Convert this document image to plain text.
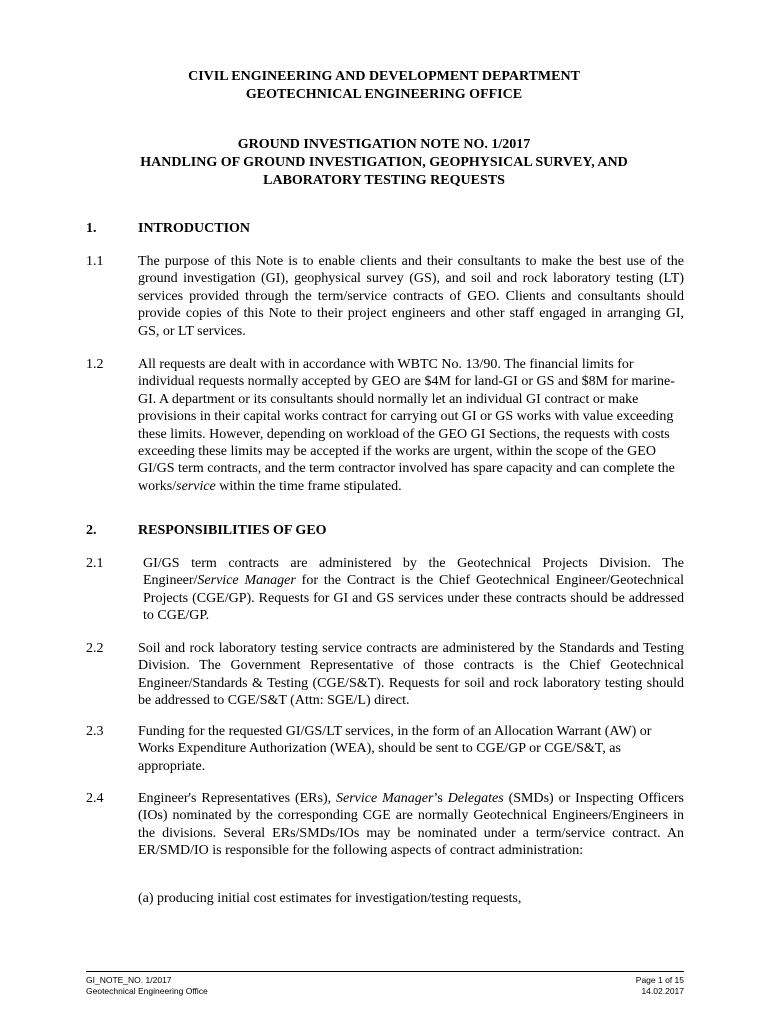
CIVIL ENGINEERING AND DEVELOPMENT DEPARTMENT
GEOTECHNICAL ENGINEERING OFFICE
GROUND INVESTIGATION NOTE NO. 1/2017
HANDLING OF GROUND INVESTIGATION, GEOPHYSICAL SURVEY, AND
LABORATORY TESTING REQUESTS
1.	INTRODUCTION
1.1 The purpose of this Note is to enable clients and their consultants to make the best use of the ground investigation (GI), geophysical survey (GS), and soil and rock laboratory testing (LT) services provided through the term/service contracts of GEO. Clients and consultants should provide copies of this Note to their project engineers and other staff engaged in arranging GI, GS, or LT services.
1.2 All requests are dealt with in accordance with WBTC No. 13/90. The financial limits for individual requests normally accepted by GEO are $4M for land-GI or GS and $8M for marine-GI. A department or its consultants should normally let an individual GI contract or make provisions in their capital works contract for carrying out GI or GS works with value exceeding these limits. However, depending on workload of the GEO GI Sections, the requests with costs exceeding these limits may be accepted if the works are urgent, within the scope of the GEO GI/GS term contracts, and the term contractor involved has spare capacity and can complete the works/service within the time frame stipulated.
2.	RESPONSIBILITIES OF GEO
2.1	GI/GS term contracts are administered by the Geotechnical Projects Division. The Engineer/Service Manager for the Contract is the Chief Geotechnical Engineer/Geotechnical Projects (CGE/GP). Requests for GI and GS services under these contracts should be addressed to CGE/GP.
2.2 Soil and rock laboratory testing service contracts are administered by the Standards and Testing Division. The Government Representative of those contracts is the Chief Geotechnical Engineer/Standards & Testing (CGE/S&T). Requests for soil and rock laboratory testing should be addressed to CGE/S&T (Attn: SGE/L) direct.
2.3 Funding for the requested GI/GS/LT services, in the form of an Allocation Warrant (AW) or Works Expenditure Authorization (WEA), should be sent to CGE/GP or CGE/S&T, as appropriate.
2.4 Engineer's Representatives (ERs), Service Manager’s Delegates (SMDs) or Inspecting Officers (IOs) nominated by the corresponding CGE are normally Geotechnical Engineers/Engineers in the divisions. Several ERs/SMDs/IOs may be nominated under a term/service contract. An ER/SMD/IO is responsible for the following aspects of contract administration:
(a) producing initial cost estimates for investigation/testing requests,
GI_NOTE_NO. 1/2017
Geotechnical Engineering Office
Page 1 of 15
14.02.2017
